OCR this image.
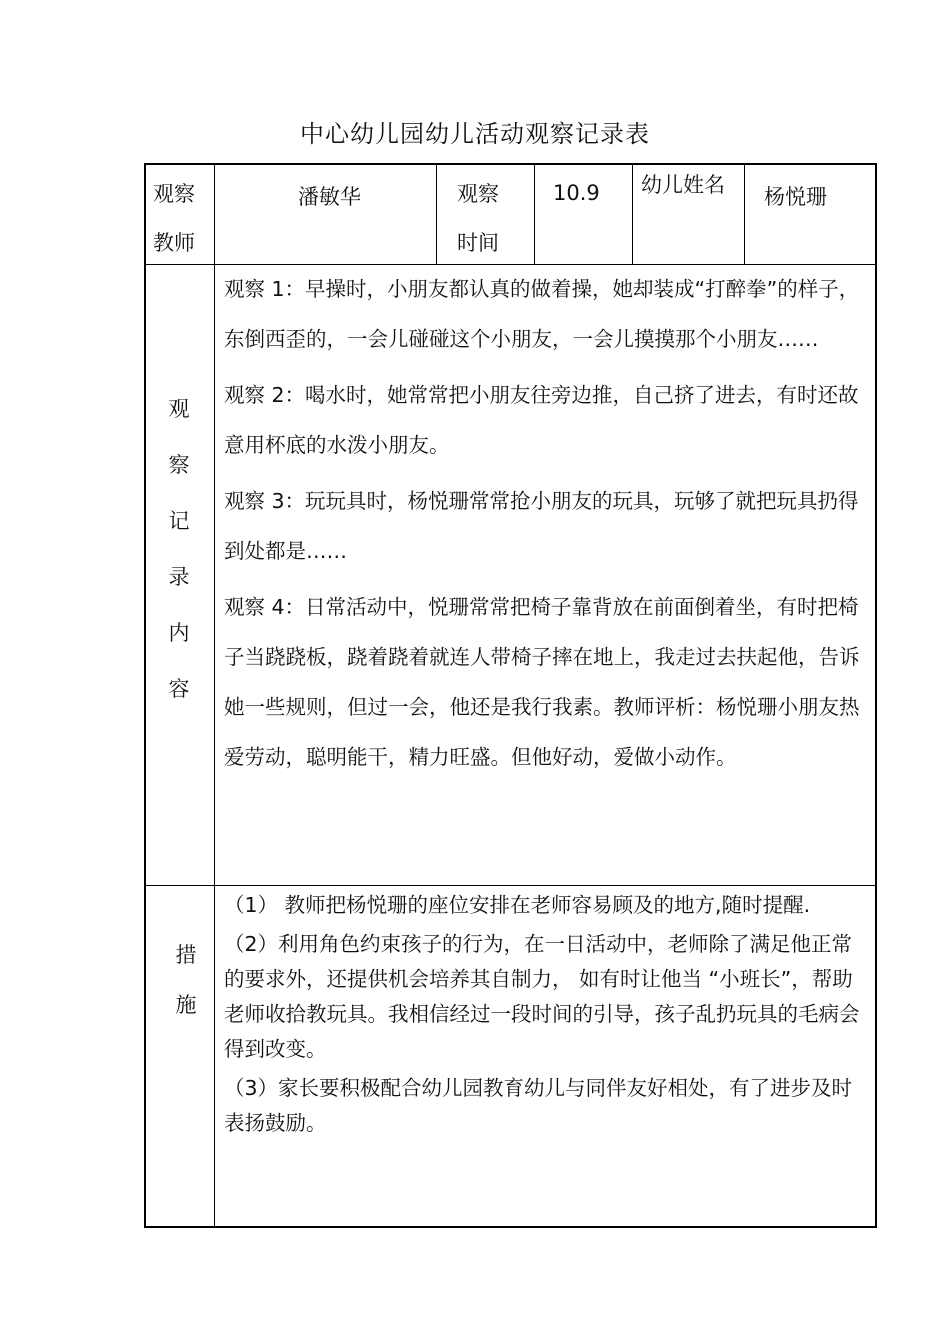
中心幼儿园幼儿活动观察记录表
观察
教师
潘敏华	观察
时间
10.9 幼儿姓名 杨悦珊
观
察
记
录
内
容

观察 1：早操时，小朋友都认真的做着操，她却装成“打醉拳”的样子，东倒西歪的，一会儿碰碰这个小朋友，一会儿摸摸那个小朋友……

观察 2：喝水时，她常常把小朋友往旁边推，自己挤了进去，有时还故意用杯底的水泼小朋友。

观察 3：玩玩具时，杨悦珊常常抢小朋友的玩具，玩够了就把玩具扔得到处都是……

观察 4：日常活动中，悦珊常常把椅子靠背放在前面倒着坐，有时把椅子当跷跷板，跷着跷着就连人带椅子摔在地上，我走过去扶起他，告诉她一些规则，但过一会，他还是我行我素。教师评析：杨悦珊小朋友热爱劳动，聪明能干，精力旺盛。但他好动，爱做小动作。

措
施

（1） 教师把杨悦珊的座位安排在老师容易顾及的地方,随时提醒.

（2）利用角色约束孩子的行为，在一日活动中，老师除了满足他正常的要求外，还提供机会培养其自制力， 如有时让他当 “小班长”，帮助老师收拾教玩具。我相信经过一段时间的引导，孩子乱扔玩具的毛病会得到改变。

（3）家长要积极配合幼儿园教育幼儿与同伴友好相处，有了进步及时表扬鼓励。
